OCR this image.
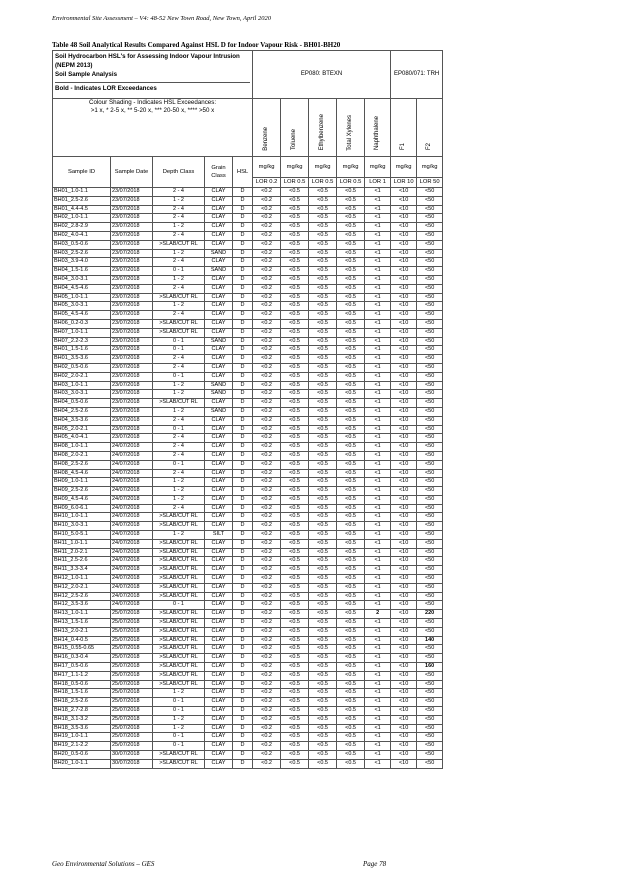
Environmental Site Assessment – V4: 48-52 New Town Road, New Town, April 2020
Table 48 Soil Analytical Results Compared Against HSL D for Indoor Vapour Risk - BH01-BH20
Soil Hydrocarbon HSL's for Assessing Indoor Vapour Intrusion
(NEPM 2013)
Soil Sample Analysis
Bold - Indicates LOR Exceedances					EP080: BTEXN					EP080/071: TRH	

Colour Shading - Indicates HSL Exceedances:
>1 x, * 2-5 x, ** 5-20 x, *** 20-50 x, **** >50 x					Benzene	Toluene	Ethylbenzene	Total Xylenes	Naphthalene	F1	F2
Sample ID	Sample Date	Depth Class	Grain Class	HSL	mg/kg	mg/kg	mg/kg	mg/kg	mg/kg	mg/kg	mg/kg
					LOR 0.2	LOR 0.5	LOR 0.5	LOR 0.5	LOR 1	LOR 10	LOR 50
BH01_1.0-1.1	23/07/2018	2 - 4	CLAY	D	<0.2	<0.5	<0.5	<0.5	<1	<10	<50
BH01_2.5-2.6	23/07/2018	1 - 2	CLAY	D	<0.2	<0.5	<0.5	<0.5	<1	<10	<50
BH01_4.4-4.5	23/07/2018	2 - 4	CLAY	D	<0.2	<0.5	<0.5	<0.5	<1	<10	<50
BH02_1.0-1.1	23/07/2018	2 - 4	CLAY	D	<0.2	<0.5	<0.5	<0.5	<1	<10	<50
BH02_2.8-2.9	23/07/2018	1 - 2	CLAY	D	<0.2	<0.5	<0.5	<0.5	<1	<10	<50
BH02_4.0-4.1	23/07/2018	2 - 4	CLAY	D	<0.2	<0.5	<0.5	<0.5	<1	<10	<50
BH03_0.5-0.6	23/07/2018	>SLAB/CUT RL	CLAY	D	<0.2	<0.5	<0.5	<0.5	<1	<10	<50
BH03_2.5-2.6	23/07/2018	1 - 2	SAND	D	<0.2	<0.5	<0.5	<0.5	<1	<10	<50
BH03_3.9-4.0	23/07/2018	2 - 4	CLAY	D	<0.2	<0.5	<0.5	<0.5	<1	<10	<50
BH04_1.5-1.6	23/07/2018	0 - 1	SAND	D	<0.2	<0.5	<0.5	<0.5	<1	<10	<50
BH04_3.0-3.1	23/07/2018	1 - 2	CLAY	D	<0.2	<0.5	<0.5	<0.5	<1	<10	<50
BH04_4.5-4.6	23/07/2018	2 - 4	CLAY	D	<0.2	<0.5	<0.5	<0.5	<1	<10	<50
BH05_1.0-1.1	23/07/2018	>SLAB/CUT RL	CLAY	D	<0.2	<0.5	<0.5	<0.5	<1	<10	<50
BH05_3.0-3.1	23/07/2018	1 - 2	CLAY	D	<0.2	<0.5	<0.5	<0.5	<1	<10	<50
BH05_4.5-4.6	23/07/2018	2 - 4	CLAY	D	<0.2	<0.5	<0.5	<0.5	<1	<10	<50
BH06_0.2-0.3	23/07/2018	>SLAB/CUT RL	CLAY	D	<0.2	<0.5	<0.5	<0.5	<1	<10	<50
BH07_1.0-1.1	23/07/2018	>SLAB/CUT RL	CLAY	D	<0.2	<0.5	<0.5	<0.5	<1	<10	<50
BH07_2.2-2.3	23/07/2018	0 - 1	SAND	D	<0.2	<0.5	<0.5	<0.5	<1	<10	<50
BH01_1.5-1.6	23/07/2018	0 - 1	CLAY	D	<0.2	<0.5	<0.5	<0.5	<1	<10	<50
BH01_3.5-3.6	23/07/2018	2 - 4	CLAY	D	<0.2	<0.5	<0.5	<0.5	<1	<10	<50
BH02_0.5-0.6	23/07/2018	2 - 4	CLAY	D	<0.2	<0.5	<0.5	<0.5	<1	<10	<50
BH02_2.0-2.1	23/07/2018	0 - 1	CLAY	D	<0.2	<0.5	<0.5	<0.5	<1	<10	<50
BH03_1.0-1.1	23/07/2018	1 - 2	SAND	D	<0.2	<0.5	<0.5	<0.5	<1	<10	<50
BH03_3.0-3.1	23/07/2018	1 - 2	SAND	D	<0.2	<0.5	<0.5	<0.5	<1	<10	<50
BH04_0.5-0.6	23/07/2018	>SLAB/CUT RL	CLAY	D	<0.2	<0.5	<0.5	<0.5	<1	<10	<50
BH04_2.5-2.6	23/07/2018	1 - 2	SAND	D	<0.2	<0.5	<0.5	<0.5	<1	<10	<50
BH04_3.5-3.6	23/07/2018	2 - 4	CLAY	D	<0.2	<0.5	<0.5	<0.5	<1	<10	<50
BH05_2.0-2.1	23/07/2018	0 - 1	CLAY	D	<0.2	<0.5	<0.5	<0.5	<1	<10	<50
BH05_4.0-4.1	23/07/2018	2 - 4	CLAY	D	<0.2	<0.5	<0.5	<0.5	<1	<10	<50
BH08_1.0-1.1	24/07/2018	2 - 4	CLAY	D	<0.2	<0.5	<0.5	<0.5	<1	<10	<50
BH08_2.0-2.1	24/07/2018	2 - 4	CLAY	D	<0.2	<0.5	<0.5	<0.5	<1	<10	<50
BH08_2.5-2.6	24/07/2018	0 - 1	CLAY	D	<0.2	<0.5	<0.5	<0.5	<1	<10	<50
BH08_4.5-4.6	24/07/2018	2 - 4	CLAY	D	<0.2	<0.5	<0.5	<0.5	<1	<10	<50
BH09_1.0-1.1	24/07/2018	1 - 2	CLAY	D	<0.2	<0.5	<0.5	<0.5	<1	<10	<50
BH09_2.5-2.6	24/07/2018	1 - 2	CLAY	D	<0.2	<0.5	<0.5	<0.5	<1	<10	<50
BH09_4.5-4.6	24/07/2018	1 - 2	CLAY	D	<0.2	<0.5	<0.5	<0.5	<1	<10	<50
BH09_6.0-6.1	24/07/2018	2 - 4	CLAY	D	<0.2	<0.5	<0.5	<0.5	<1	<10	<50
BH10_1.0-1.1	24/07/2018	>SLAB/CUT RL	CLAY	D	<0.2	<0.5	<0.5	<0.5	<1	<10	<50
BH10_3.0-3.1	24/07/2018	>SLAB/CUT RL	CLAY	D	<0.2	<0.5	<0.5	<0.5	<1	<10	<50
BH10_5.0-5.1	24/07/2018	1 - 2	SILT	D	<0.2	<0.5	<0.5	<0.5	<1	<10	<50
BH11_1.0-1.1	24/07/2018	>SLAB/CUT RL	CLAY	D	<0.2	<0.5	<0.5	<0.5	<1	<10	<50
BH11_2.0-2.1	24/07/2018	>SLAB/CUT RL	CLAY	D	<0.2	<0.5	<0.5	<0.5	<1	<10	<50
BH11_2.5-2.6	24/07/2018	>SLAB/CUT RL	CLAY	D	<0.2	<0.5	<0.5	<0.5	<1	<10	<50
BH11_3.3-3.4	24/07/2018	>SLAB/CUT RL	CLAY	D	<0.2	<0.5	<0.5	<0.5	<1	<10	<50
BH12_1.0-1.1	24/07/2018	>SLAB/CUT RL	CLAY	D	<0.2	<0.5	<0.5	<0.5	<1	<10	<50
BH12_2.0-2.1	24/07/2018	>SLAB/CUT RL	CLAY	D	<0.2	<0.5	<0.5	<0.5	<1	<10	<50
BH12_2.5-2.6	24/07/2018	>SLAB/CUT RL	CLAY	D	<0.2	<0.5	<0.5	<0.5	<1	<10	<50
BH12_3.5-3.6	24/07/2018	0 - 1	CLAY	D	<0.2	<0.5	<0.5	<0.5	<1	<10	<50
BH13_1.0-1.1	25/07/2018	>SLAB/CUT RL	CLAY	D	<0.2	<0.5	<0.5	<0.5	2	<10	220
BH13_1.5-1.6	25/07/2018	>SLAB/CUT RL	CLAY	D	<0.2	<0.5	<0.5	<0.5	<1	<10	<50
BH13_2.0-2.1	25/07/2018	>SLAB/CUT RL	CLAY	D	<0.2	<0.5	<0.5	<0.5	<1	<10	<50
BH14_0.4-0.5	25/07/2018	>SLAB/CUT RL	CLAY	D	<0.2	<0.5	<0.5	<0.5	<1	<10	140
BH15_0.55-0.65	25/07/2018	>SLAB/CUT RL	CLAY	D	<0.2	<0.5	<0.5	<0.5	<1	<10	<50
BH16_0.3-0.4	25/07/2018	>SLAB/CUT RL	CLAY	D	<0.2	<0.5	<0.5	<0.5	<1	<10	<50
BH17_0.5-0.6	25/07/2018	>SLAB/CUT RL	CLAY	D	<0.2	<0.5	<0.5	<0.5	<1	<10	160
BH17_1.1-1.2	25/07/2018	>SLAB/CUT RL	CLAY	D	<0.2	<0.5	<0.5	<0.5	<1	<10	<50
BH18_0.5-0.6	25/07/2018	>SLAB/CUT RL	CLAY	D	<0.2	<0.5	<0.5	<0.5	<1	<10	<50
BH18_1.5-1.6	25/07/2018	1 - 2	CLAY	D	<0.2	<0.5	<0.5	<0.5	<1	<10	<50
BH18_2.5-2.6	25/07/2018	0 - 1	CLAY	D	<0.2	<0.5	<0.5	<0.5	<1	<10	<50
BH18_2.7-2.8	25/07/2018	0 - 1	CLAY	D	<0.2	<0.5	<0.5	<0.5	<1	<10	<50
BH18_3.1-3.2	25/07/2018	1 - 2	CLAY	D	<0.2	<0.5	<0.5	<0.5	<1	<10	<50
BH18_3.5-3.6	25/07/2018	1 - 2	CLAY	D	<0.2	<0.5	<0.5	<0.5	<1	<10	<50
BH19_1.0-1.1	25/07/2018	0 - 1	CLAY	D	<0.2	<0.5	<0.5	<0.5	<1	<10	<50
BH19_2.1-2.2	25/07/2018	0 - 1	CLAY	D	<0.2	<0.5	<0.5	<0.5	<1	<10	<50
BH20_0.5-0.6	30/07/2018	>SLAB/CUT RL	CLAY	D	<0.2	<0.5	<0.5	<0.5	<1	<10	<50
BH20_1.0-1.1	30/07/2018	>SLAB/CUT RL	CLAY	D	<0.2	<0.5	<0.5	<0.5	<1	<10	<50
Geo Environmental Solutions – GES	Page 78
